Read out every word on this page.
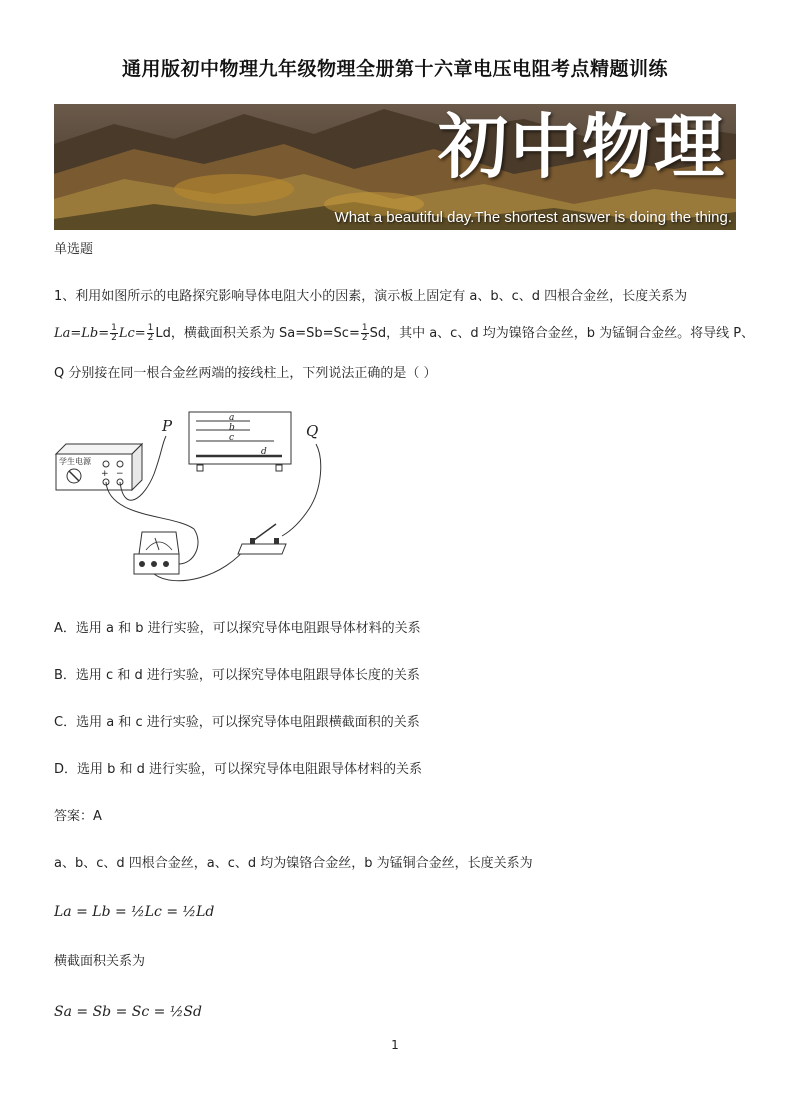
通用版初中物理九年级物理全册第十六章电压电阻考点精题训练
初中物理
What a beautiful day.The shortest answer is doing the thing.
单选题
1、利用如图所示的电路探究影响导体电阻大小的因素，演示板上固定有 a、b、c、d 四根合金丝，长度关系为
$La=Lb= \frac{1}{2} Lc= \frac{1}{2}$ Ld，横截面积关系为 $Sa=Sb=Sc= \frac{1}{2}$ Sd，其中 a、c、d 均为镍铬合金丝，b 为锰铜合金丝。将导线 P、
Q 分别接在同一根合金丝两端的接线柱上，下列说法正确的是（ ）
学生电源
+ −
a
b
c
d
P	Q
A．选用 a 和 b 进行实验，可以探究导体电阻跟导体材料的关系
B．选用 c 和 d 进行实验，可以探究导体电阻跟导体长度的关系
C．选用 a 和 c 进行实验，可以探究导体电阻跟横截面积的关系
D．选用 b 和 d 进行实验，可以探究导体电阻跟导体材料的关系
答案：A
a、b、c、d 四根合金丝，a、c、d 均为镍铬合金丝，b 为锰铜合金丝，长度关系为
La = Lb = ½Lc = ½Ld
横截面积关系为
Sa = Sb = Sc = ½Sd
1
